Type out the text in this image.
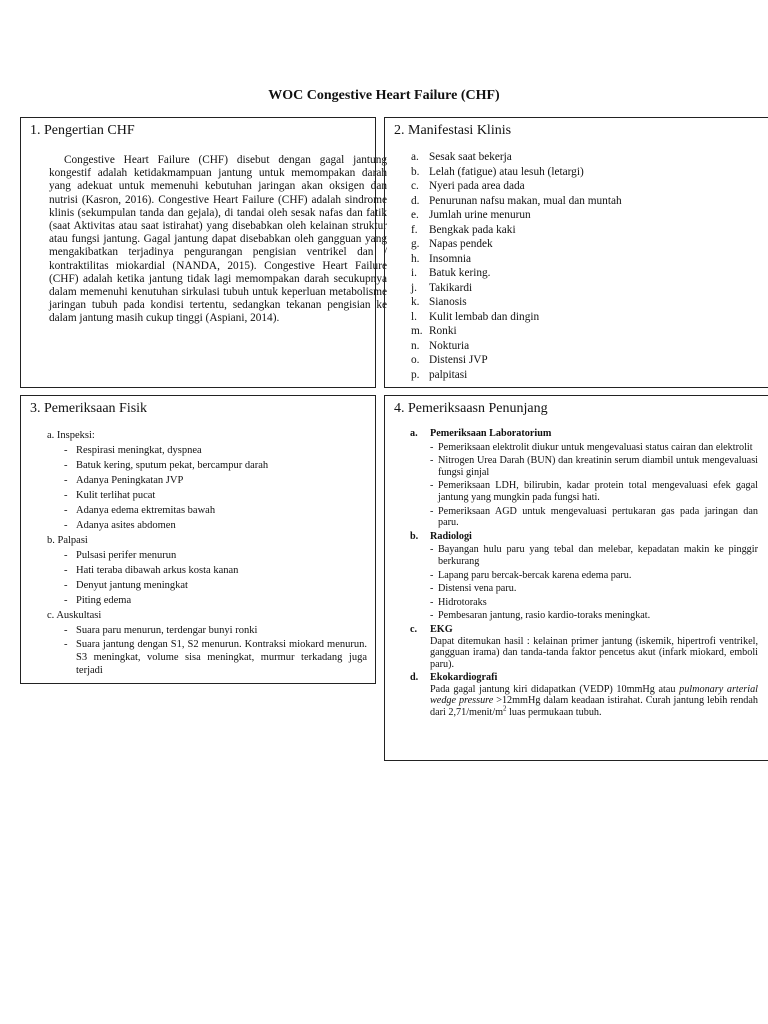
WOC Congestive Heart Failure (CHF)
1. Pengertian CHF

Congestive Heart Failure (CHF) disebut dengan gagal jantung kongestif adalah ketidakmampuan jantung untuk memompakan darah yang adekuat untuk memenuhi kebutuhan jaringan akan oksigen dan nutrisi (Kasron, 2016). Congestive Heart Failure (CHF) adalah sindrome klinis (sekumpulan tanda dan gejala), di tandai oleh sesak nafas dan fatik (saat Aktivitas atau saat istirahat) yang disebabkan oleh kelainan struktur atau fungsi jantung. Gagal jantung dapat disebabkan oleh gangguan yang mengakibatkan terjadinya pengurangan pengisian ventrikel dan / kontraktilitas miokardial (NANDA, 2015). Congestive Heart Failure (CHF) adalah ketika jantung tidak lagi memompakan darah secukupnya dalam memenuhi kenutuhan sirkulasi tubuh untuk keperluan metabolisme jaringan tubuh pada kondisi tertentu, sedangkan tekanan pengisian ke dalam jantung masih cukup tinggi (Aspiani, 2014).

2. Manifestasi Klinis
a. Sesak saat bekerja
b. Lelah (fatigue) atau lesuh (letargi)
c. Nyeri pada area dada
d. Penurunan nafsu makan, mual dan muntah
e. Jumlah urine menurun
f.	Bengkak pada kaki
g. Napas pendek
h. Insomnia
i.	Batuk kering.
j.	Takikardi
k. Sianosis
l.	Kulit lembab dan dingin
m. Ronki
n. Nokturia
o. Distensi JVP
p. palpitasi
3. Pemeriksaan Fisik

a. Inspeksi:

- Respirasi meningkat, dyspnea
- Batuk kering, sputum pekat, bercampur darah
- Adanya Peningkatan JVP
- Kulit terlihat pucat
- Adanya edema ektremitas bawah
- Adanya asites abdomen

b. Palpasi

- Pulsasi perifer menurun
- Hati teraba dibawah arkus kosta kanan
- Denyut jantung meningkat
- Piting edema

c. Auskultasi

- Suara paru menurun, terdengar bunyi ronki
- Suara jantung dengan S1, S2 menurun. Kontraksi miokard menurun. S3 meningkat, volume sisa meningkat, murmur terkadang juga terjadi
4. Pemeriksaasn Penunjang
a.	Pemeriksaan Laboratorium
- Pemeriksaan elektrolit diukur untuk mengevaluasi status cairan dan elektrolit
- Nitrogen Urea Darah (BUN) dan kreatinin serum diambil untuk mengevaluasi fungsi ginjal
- Pemeriksaan LDH, bilirubin, kadar protein total mengevaluasi efek gagal jantung yang mungkin pada fungsi hati.
- Pemeriksaan AGD untuk mengevaluasi pertukaran gas pada jaringan dan paru.
b.	Radiologi
- Bayangan hulu paru yang tebal dan melebar, kepadatan makin ke pinggir berkurang
- Lapang paru bercak-bercak karena edema paru.
- Distensi vena paru.
- Hidrotoraks
- Pembesaran jantung, rasio kardio-toraks meningkat.
c.	EKG
Dapat ditemukan hasil : kelainan primer jantung (iskemik, hipertrofi ventrikel, gangguan irama) dan tanda-tanda faktor pencetus akut (infark miokard, emboli paru).
d.	Ekokardiografi
Pada gagal jantung kiri didapatkan (VEDP) 10mmHg atau pulmonary arterial wedge pressure >12mmHg dalam keadaan istirahat. Curah jantung lebih rendah dari $2,71/menit/m^2$ luas permukaan tubuh.
